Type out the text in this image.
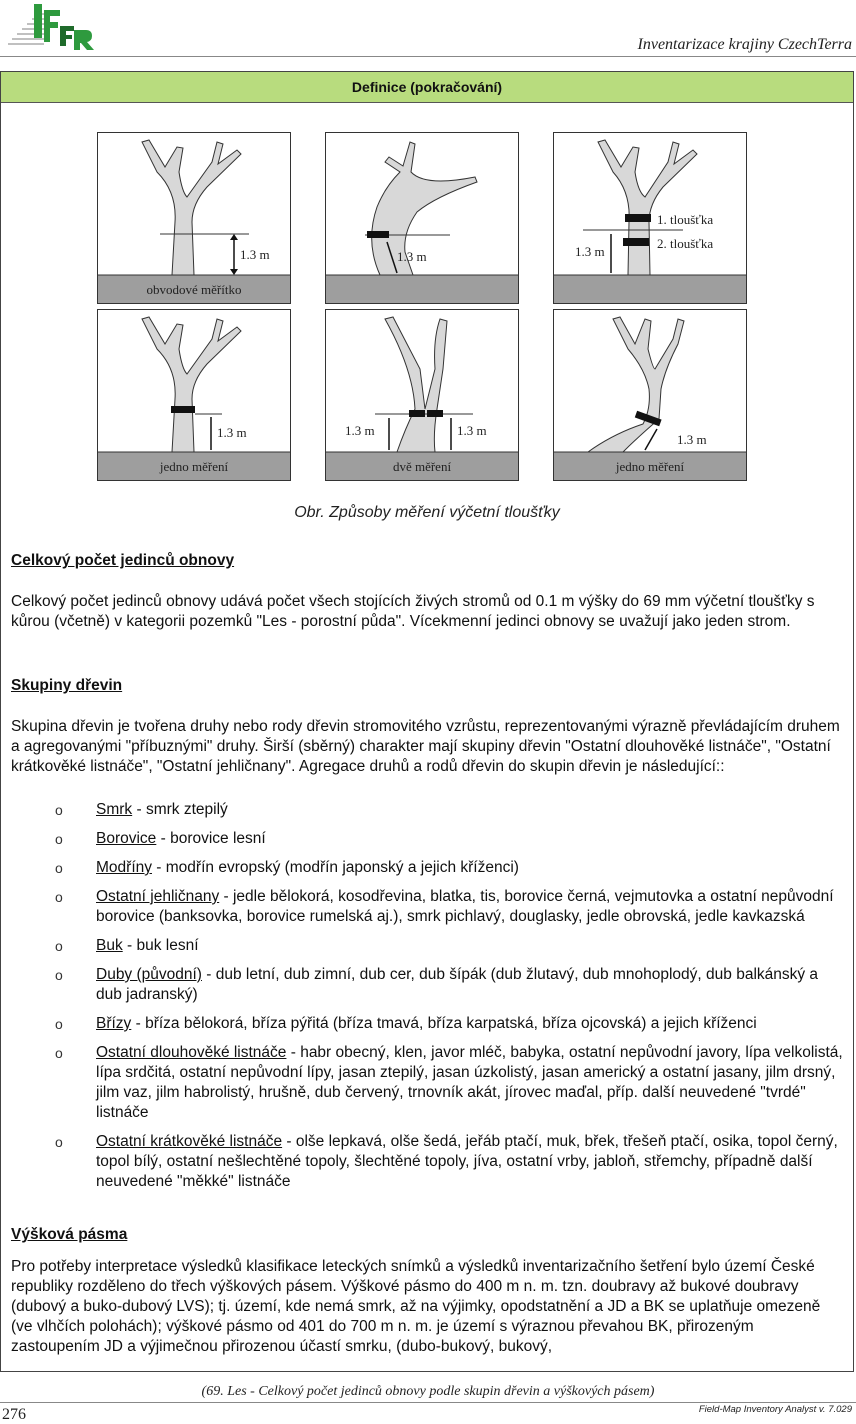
Inventarizace krajiny CzechTerra
Definice (pokračování)
1.3 m
obvodové měřítko
1.3 m
1. tloušťka
2. tloušťka
1.3 m
1.3 m
jedno měření
1.3 m	1.3 m
dvě měření
1.3 m
jedno měření
Obr. Způsoby měření výčetní tloušťky
Celkový počet jedinců obnovy
Celkový počet jedinců obnovy udává počet všech stojících živých stromů od 0.1 m výšky do 69 mm výčetní tloušťky s kůrou (včetně) v kategorii pozemků "Les - porostní půda". Vícekmenní jedinci obnovy se uvažují jako jeden strom.
Skupiny dřevin
Skupina dřevin je tvořena druhy nebo rody dřevin stromovitého vzrůstu, reprezentovanými výrazně převládajícím druhem a agregovanými "příbuznými" druhy. Širší (sběrný) charakter mají skupiny dřevin "Ostatní dlouhověké listnáče", "Ostatní krátkověké listnáče", "Ostatní jehličnany". Agregace druhů a rodů dřevin do skupin dřevin je následující::
o Smrk - smrk ztepilý
o Borovice - borovice lesní
o Modříny - modřín evropský (modřín japonský a jejich kříženci)
o Ostatní jehličnany - jedle bělokorá, kosodřevina, blatka, tis, borovice černá, vejmutovka a ostatní nepůvodní borovice (banksovka, borovice rumelská aj.), smrk pichlavý, douglasky, jedle obrovská, jedle kavkazská
o Buk - buk lesní
o Duby (původní) - dub letní, dub zimní, dub cer, dub šípák (dub žlutavý, dub mnohoplodý, dub balkánský a dub jadranský)
o Břízy - bříza bělokorá, bříza pýřitá (bříza tmavá, bříza karpatská, bříza ojcovská) a jejich kříženci
o Ostatní dlouhověké listnáče - habr obecný, klen, javor mléč, babyka, ostatní nepůvodní javory, lípa velkolistá, lípa srdčitá, ostatní nepůvodní lípy, jasan ztepilý, jasan úzkolistý, jasan americký a ostatní jasany, jilm drsný, jilm vaz, jilm habrolistý, hrušně, dub červený, trnovník akát, jírovec maďal, příp. další neuvedené "tvrdé" listnáče
o Ostatní krátkověké listnáče - olše lepkavá, olše šedá, jeřáb ptačí, muk, břek, třešeň ptačí, osika, topol černý, topol bílý, ostatní nešlechtěné topoly, šlechtěné topoly, jíva, ostatní vrby, jabloň, střemchy, případně další neuvedené "měkké" listnáče
Výšková pásma
Pro potřeby interpretace výsledků klasifikace leteckých snímků a výsledků inventarizačního šetření bylo území České republiky rozděleno do třech výškových pásem. Výškové pásmo do 400 m n. m. tzn. doubravy až bukové doubravy (dubový a buko-dubový LVS); tj. území, kde nemá smrk, až na výjimky, opodstatnění a JD a BK se uplatňuje omezeně (ve vlhčích polohách); výškové pásmo od 401 do 700 m n. m. je území s výraznou převahou BK, přirozeným zastoupením JD a výjimečnou přirozenou účastí smrku, (dubo-bukový, bukový,
(69. Les - Celkový počet jedinců obnovy podle skupin dřevin a výškových pásem)
276	Field-Map Inventory Analyst v. 7.029
